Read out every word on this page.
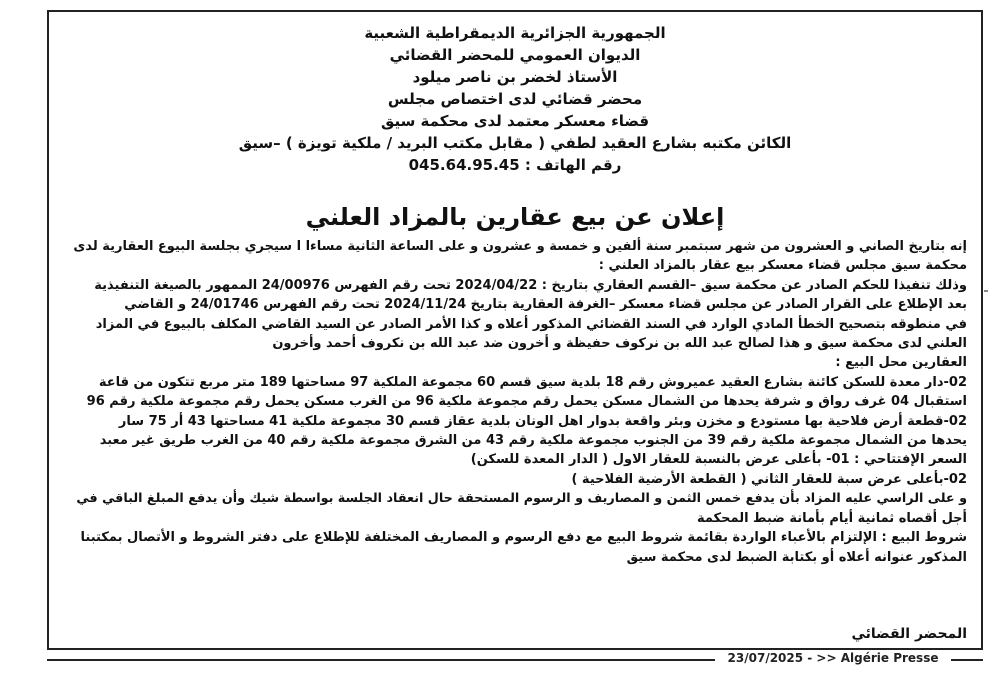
الجمهورية الجزائرية الديمقراطية الشعبية
الديوان العمومي للمحضر القضائي
الأستاذ لخضر بن ناصر ميلود
محضر قضائي لدى اختصاص مجلس
قضاء معسكر معتمد لدى محكمة سيق
الكائن مكتبه بشارع العقيد لطفي ( مقابل مكتب البريد / ملكية تويزة ) –سيق
رقم الهاتف : 045.64.95.45
إعلان عن بيع عقارين بالمزاد العلني
إنه بتاريخ الصاني و العشرون من شهر سبتمبر سنة ألفين و خمسة و عشرون و على الساعة الثانية مساءا ا سيجري بجلسة البيوع العقارية لدى
محكمة سيق مجلس قضاء معسكر بيع عقار بالمزاد العلني :
وذلك تنفيذا للحكم الصادر عن محكمة سيق –القسم العقاري بتاريخ : 2024/04/22 تحت رقم الفهرس 24/00976 الممهور بالصيغة التنفيذية
بعد الإطلاع على القرار الصادر عن مجلس قضاء معسكر –الغرفة العقارية بتاريخ 2024/11/24 تحت رقم الفهرس 24/01746 و القاضي
في منطوقه بتصحيح الخطأ المادي الوارد في السند القضائي المذكور أعلاه و كذا الأمر الصادر عن السيد القاضي المكلف بالبيوع في المزاد
العلني لدى محكمة سيق و هذا لصالح عبد الله بن نركوف حفيظة و أخرون ضد عبد الله بن نكروف أحمد وأخرون
العقارين محل البيع :
02-دار معدة للسكن كائنة بشارع العقيد عميروش رقم 18 بلدية سيق قسم 60 مجموعة الملكية 97 مساحتها 189 متر مربع تتكون من قاعة
استقبال 04 غرف رواق و شرفة يحدها من الشمال مسكن يحمل رقم مجموعة ملكية 96 من الغرب مسكن يحمل رقم مجموعة ملكية رقم 96
02-قطعة أرض فلاحية بها مستودع و مخزن وبئر واقعة بدوار اهل الونان بلدية عقاز قسم 30 مجموعة ملكية 41 مساحتها 43 أر 75 سار
يحدها من الشمال مجموعة ملكية رقم 39 من الجنوب مجموعة ملكية رقم 43 من الشرق مجموعة ملكية رقم 40 من الغرب طريق غير معبد
السعر الإفتتاحي : 01- بأعلى عرض بالنسبة للعقار الاول ( الدار المعدة للسكن)
02-بأعلى عرض سبة للعقار الثاني ( القطعة الأرضية الفلاحية )
و على الراسي عليه المزاد بأن يدفع خمس الثمن و المصاريف و الرسوم المستحقة حال انعقاد الجلسة بواسطة شيك وأن يدفع المبلغ الباقي في
أجل أقصاه ثمانية أيام بأمانة ضبط المحكمة
شروط البيع : الإلتزام بالأعباء الواردة بقائمة شروط البيع مع دفع الرسوم و المصاريف المختلفة للإطلاع على دفتر الشروط و الأتصال بمكتبنا
المذكور عنوانه أعلاه أو بكتابة الضبط لدى محكمة سيق
المحضر القضائي
23/07/2025 - >> Algérie Presse
